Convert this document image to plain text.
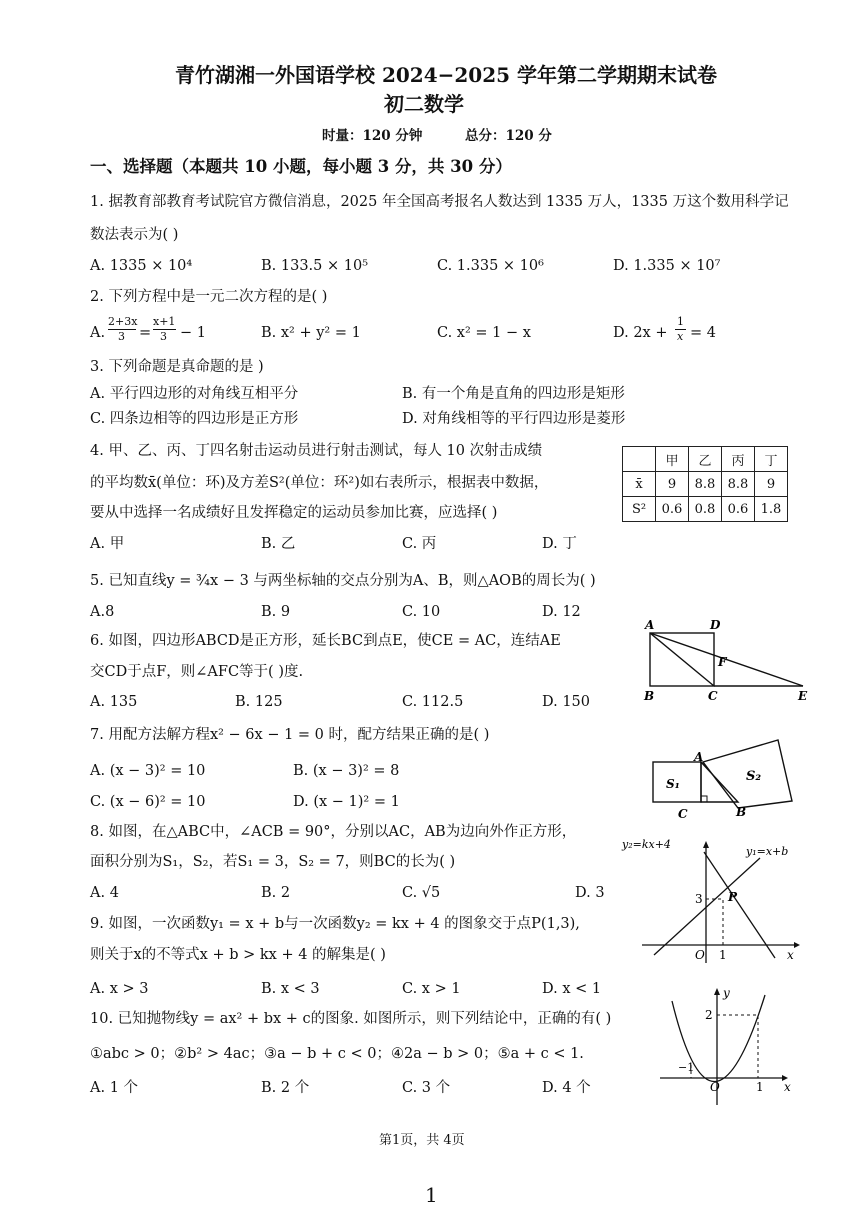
青竹湖湘一外国语学校 2024−2025 学年第二学期期末试卷
初二数学
时量：120 分钟	总分：120 分
一、选择题（本题共 10 小题，每小题 3 分，共 30 分）
1. 据教育部教育考试院官方微信消息，2025 年全国高考报名人数达到 1335 万人，1335 万这个数用科学记
数法表示为( )
A. 1335 × 10⁴	B. 133.5 × 10⁵	C. 1.335 × 10⁶	D. 1.335 × 10⁷
2. 下列方程中是一元二次方程的是( )
A.
2+3x
3 =
x+1
3 − 1	B. x² + y² = 1	C. x² = 1 − x	D. 2x +
1
x = 4
3. 下列命题是真命题的是 )
A. 平行四边形的对角线互相平分	B. 有一个角是直角的四边形是矩形
C. 四条边相等的四边形是正方形	D. 对角线相等的平行四边形是菱形
4. 甲、乙、丙、丁四名射击运动员进行射击测试，每人 10 次射击成绩
的平均数x̄(单位：环)及方差S²(单位：环²)如右表所示，根据表中数据，
要从中选择一名成绩好且发挥稳定的运动员参加比赛，应选择( )
A. 甲	B. 乙	C. 丙	D. 丁
	甲	乙	丙	丁
x̄	9	8.8	8.8	9
S²	0.6	0.8	0.6	1.8
5. 已知直线y = ¾x − 3 与两坐标轴的交点分别为A、B，则△AOB的周长为( )
A.8	B. 9	C. 10	D. 12
6. 如图，四边形ABCD是正方形，延长BC到点E，使CE = AC，连结AE
交CD于点F，则∠AFC等于( )度.
A. 135	B. 125	C. 112.5	D. 150
A	D
F
B	C	E
7. 用配方法解方程x² − 6x − 1 = 0 时，配方结果正确的是( )
A. (x − 3)² = 10	B. (x − 3)² = 8
C. (x − 6)² = 10	D. (x − 1)² = 1
A
S₁	S₂
C	B
8. 如图，在△ABC中，∠ACB = 90°，分别以AC，AB为边向外作正方形，
面积分别为S₁，S₂，若S₁ = 3，S₂ = 7，则BC的长为( )
A. 4	B. 2	C. √5	D. 3
9. 如图，一次函数y₁ = x + b与一次函数y₂ = kx + 4 的图象交于点P(1,3),
则关于x的不等式x + b > kx + 4 的解集是( )
A. x > 3	B. x < 3	C. x > 1	D. x < 1
y₂=kx+4
y₁=x+b
P
3
O 1	x
10. 已知抛物线y = ax² + bx + c的图象. 如图所示，则下列结论中，正确的有( )
①abc > 0；②b² > 4ac；③a − b + c < 0；④2a − b > 0；⑤a + c < 1.
A. 1 个	B. 2 个	C. 3 个	D. 4 个
y
2
−1
O	1 x
第1页，共 4页
1
